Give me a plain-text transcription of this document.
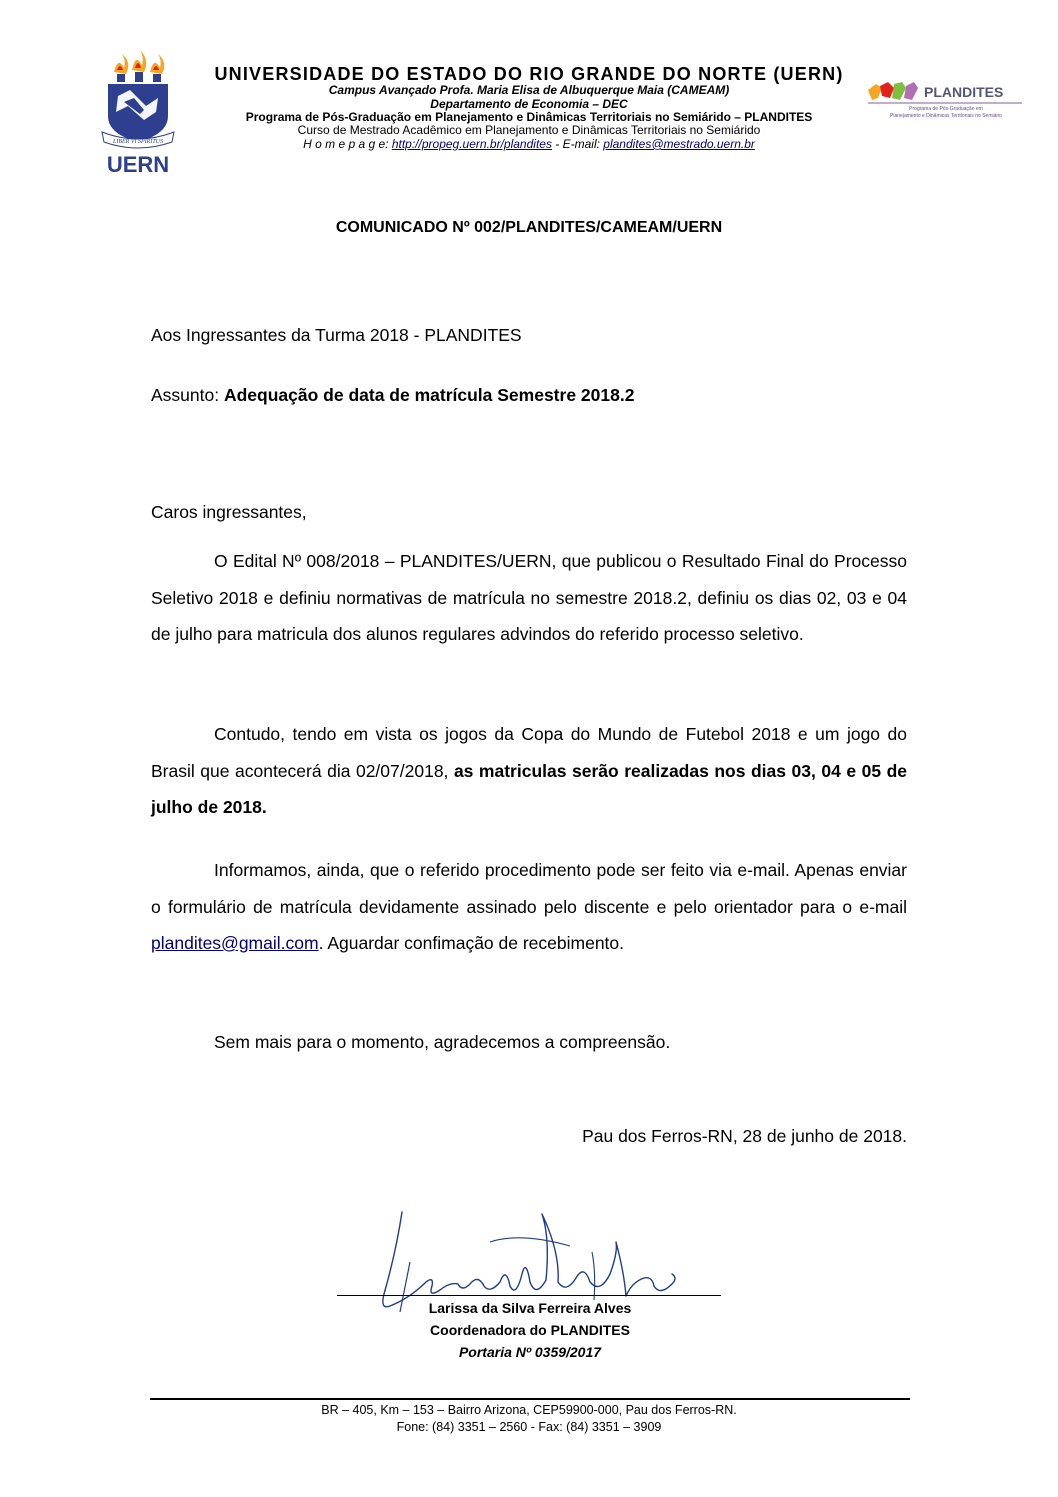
LIBER VI SPIRITUS
UERN
PLANDITES
Programa de Pós-Graduação em
Planejamento e Dinâmicas Territoriais no Semiário
UNIVERSIDADE DO ESTADO DO RIO GRANDE DO NORTE (UERN)
Campus Avançado Profa. Maria Elisa de Albuquerque Maia (CAMEAM)
Departamento de Economia – DEC
Programa de Pós-Graduação em Planejamento e Dinâmicas Territoriais no Semiárido – PLANDITES
Curso de Mestrado Acadêmico em Planejamento e Dinâmicas Territoriais no Semiárido
H o m e p a g e: http://propeg.uern.br/plandites - E-mail: plandites@mestrado.uern.br
COMUNICADO Nº 002/PLANDITES/CAMEAM/UERN
Aos Ingressantes da Turma 2018 - PLANDITES
Assunto: Adequação de data de matrícula Semestre 2018.2
Caros ingressantes,

O Edital Nº 008/2018 – PLANDITES/UERN, que publicou o Resultado Final do Processo Seletivo 2018 e definiu normativas de matrícula no semestre 2018.2, definiu os dias 02, 03 e 04 de julho para matricula dos alunos regulares advindos do referido processo seletivo.

Contudo, tendo em vista os jogos da Copa do Mundo de Futebol 2018 e um jogo do Brasil que acontecerá dia 02/07/2018, as matriculas serão realizadas nos dias 03, 04 e 05 de julho de 2018.

Informamos, ainda, que o referido procedimento pode ser feito via e-mail. Apenas enviar o formulário de matrícula devidamente assinado pelo discente e pelo orientador para o e-mail plandites@gmail.com. Aguardar confimação de recebimento.

Sem mais para o momento, agradecemos a compreensão.

Pau dos Ferros-RN, 28 de junho de 2018.
Larissa da Silva Ferreira Alves
Coordenadora do PLANDITES
Portaria Nº 0359/2017
BR – 405, Km – 153 – Bairro Arizona, CEP59900-000, Pau dos Ferros-RN.
Fone: (84) 3351 – 2560 - Fax: (84) 3351 – 3909
